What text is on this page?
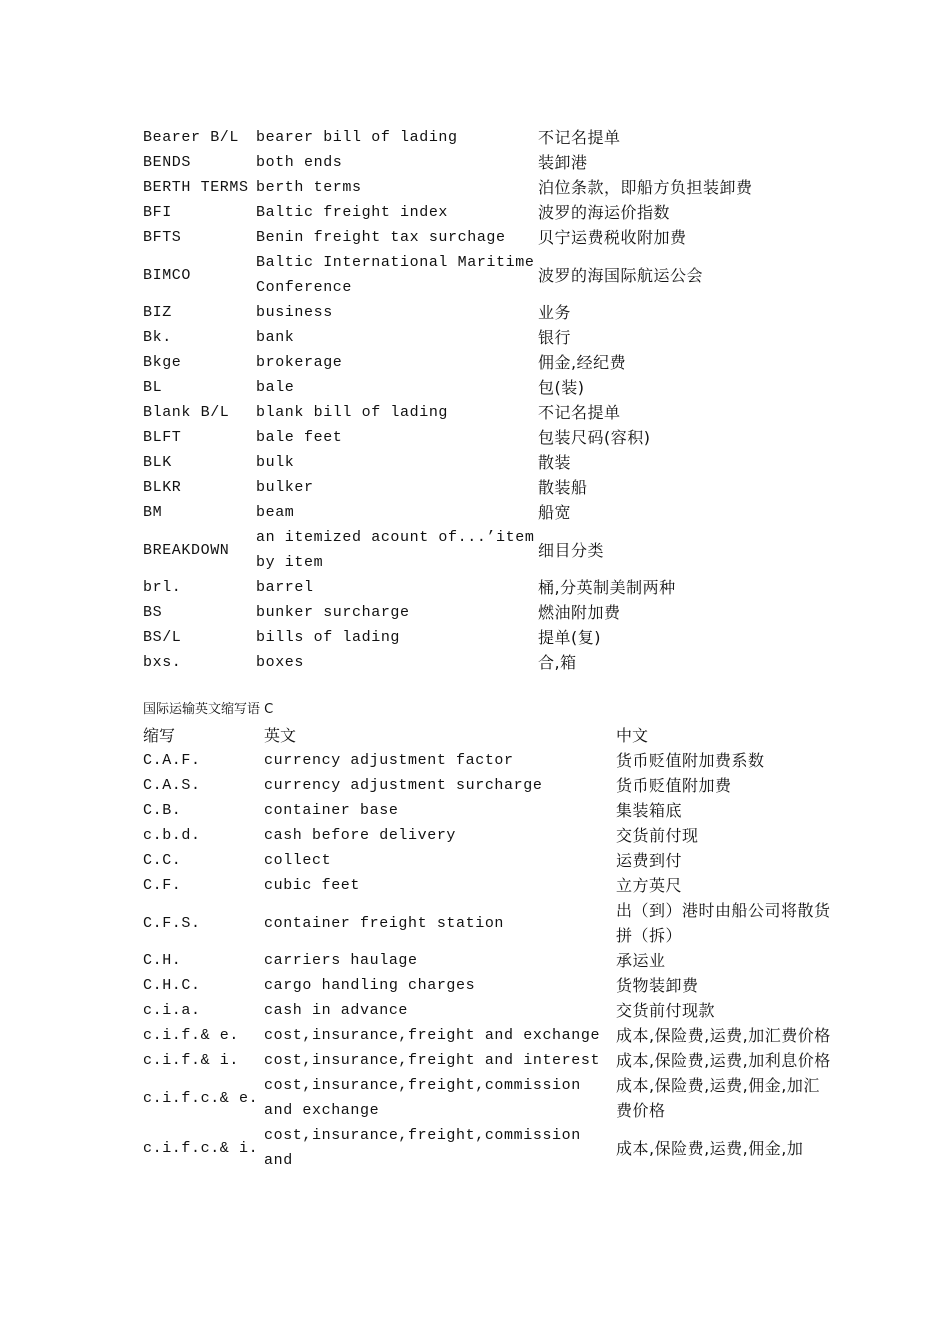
Bearer B/L	bearer bill of lading	不记名提单
BENDS	both ends	装卸港
BERTH TERMS	berth terms	泊位条款，即船方负担装卸费
BFI	Baltic freight index	波罗的海运价指数
BFTS	Benin freight tax surchage	贝宁运费税收附加费
BIMCO	Baltic International Maritime Conference	波罗的海国际航运公会
BIZ	business	业务
Bk.	bank	银行
Bkge	brokerage	佣金,经纪费
BL	bale	包(装)
Blank B/L	blank bill of lading	不记名提单
BLFT	bale feet	包装尺码(容积)
BLK	bulk	散装
BLKR	bulker	散装船
BM	beam	船宽
BREAKDOWN	an itemized acount of...’item by item	细目分类
brl.	barrel	桶,分英制美制两种
BS	bunker surcharge	燃油附加费
BS/L	bills of lading	提单(复)
bxs.	boxes	合,箱
国际运输英文缩写语 C
缩写	英文	中文
C.A.F.	currency adjustment factor	货币贬值附加费系数
C.A.S.	currency adjustment surcharge	货币贬值附加费
C.B.	container base	集装箱底
c.b.d.	cash before delivery	交货前付现
C.C.	collect	运费到付
C.F.	cubic feet	立方英尺
C.F.S.	container freight station	出（到）港时由船公司将散货拼（拆）
C.H.	carriers haulage	承运业
C.H.C.	cargo handling charges	货物装卸费
c.i.a.	cash in advance	交货前付现款
c.i.f.& e.	cost,insurance,freight and exchange	成本,保险费,运费,加汇费价格
c.i.f.& i.	cost,insurance,freight and interest	成本,保险费,运费,加利息价格
c.i.f.c.& e.	cost,insurance,freight,commission and exchange	成本,保险费,运费,佣金,加汇费价格
c.i.f.c.& i.	cost,insurance,freight,commission and	成本,保险费,运费,佣金,加
